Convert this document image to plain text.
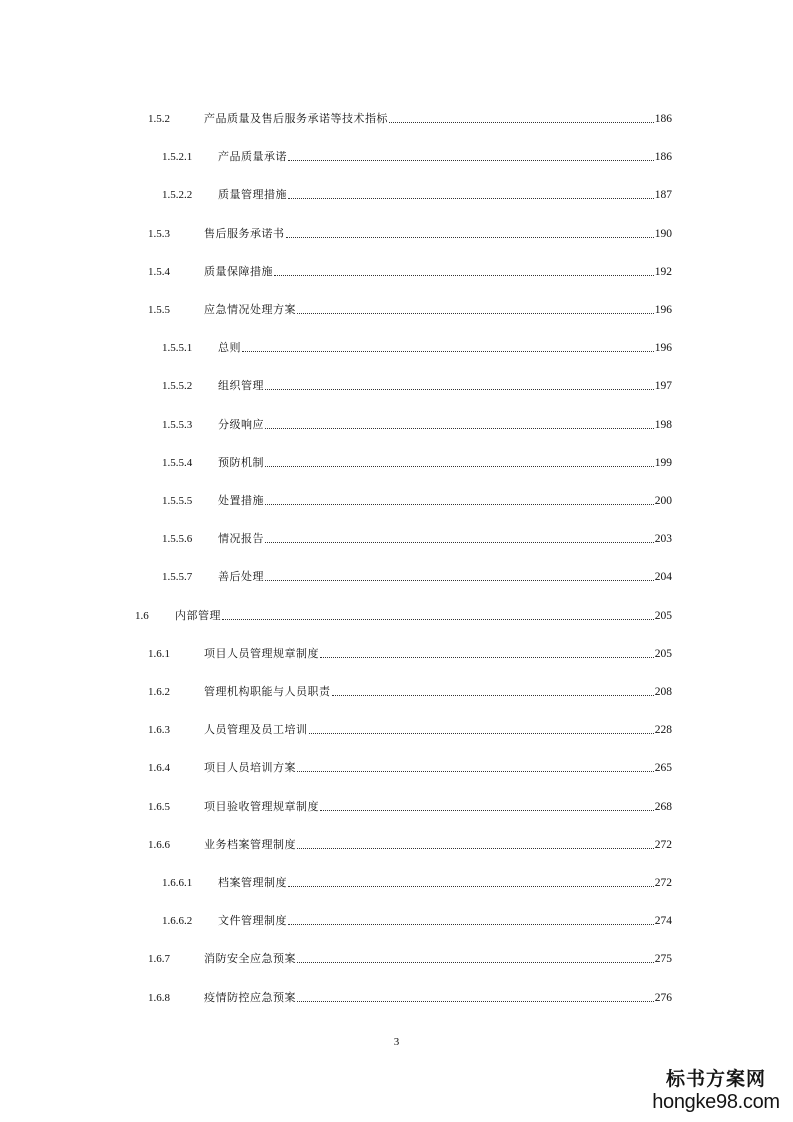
1.5.2	产品质量及售后服务承诺等技术指标	186
1.5.2.1	产品质量承诺	186
1.5.2.2	质量管理措施	187
1.5.3	售后服务承诺书	190
1.5.4	质量保障措施	192
1.5.5	应急情况处理方案	196
1.5.5.1	总则	196
1.5.5.2	组织管理	197
1.5.5.3	分级响应	198
1.5.5.4	预防机制	199
1.5.5.5	处置措施	200
1.5.5.6	情况报告	203
1.5.5.7	善后处理	204
1.6	内部管理	205
1.6.1	项目人员管理规章制度	205
1.6.2	管理机构职能与人员职责	208
1.6.3	人员管理及员工培训	228
1.6.4	项目人员培训方案	265
1.6.5	项目验收管理规章制度	268
1.6.6	业务档案管理制度	272
1.6.6.1	档案管理制度	272
1.6.6.2	文件管理制度	274
1.6.7	消防安全应急预案	275
1.6.8	疫情防控应急预案	276
3
标书方案网
hongke98.com
